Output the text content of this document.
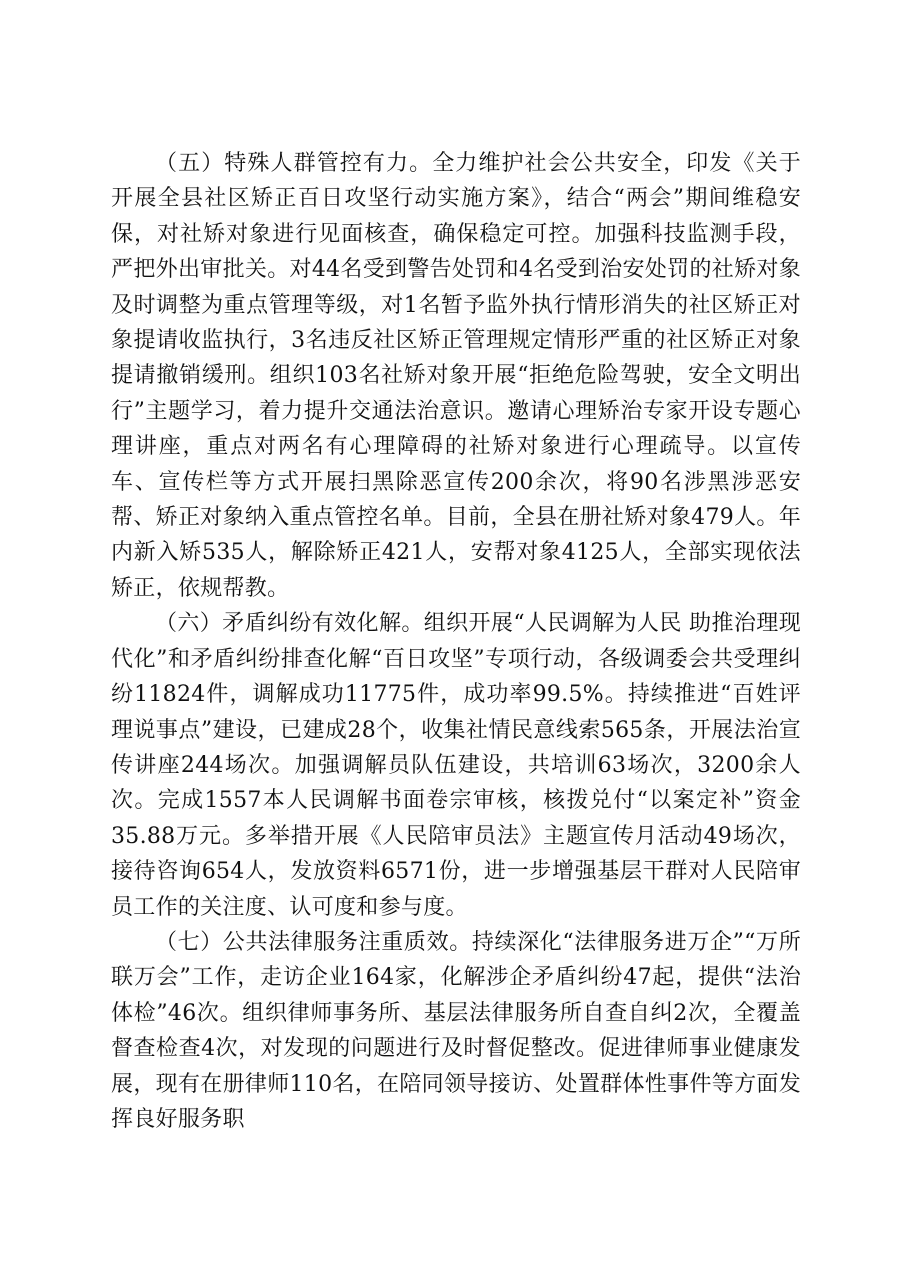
（五）特殊人群管控有力。全力维护社会公共安全，印发《关于开展全县社区矫正百日攻坚行动实施方案》，结合“两会”期间维稳安保，对社矫对象进行见面核查，确保稳定可控。加强科技监测手段，严把外出审批关。对44名受到警告处罚和4名受到治安处罚的社矫对象及时调整为重点管理等级，对1名暂予监外执行情形消失的社区矫正对象提请收监执行，3名违反社区矫正管理规定情形严重的社区矫正对象提请撤销缓刑。组织103名社矫对象开展“拒绝危险驾驶，安全文明出行”主题学习，着力提升交通法治意识。邀请心理矫治专家开设专题心理讲座，重点对两名有心理障碍的社矫对象进行心理疏导。以宣传车、宣传栏等方式开展扫黑除恶宣传200余次，将90名涉黑涉恶安帮、矫正对象纳入重点管控名单。目前，全县在册社矫对象479人。年内新入矫535人，解除矫正421人，安帮对象4125人，全部实现依法矫正，依规帮教。

（六）矛盾纠纷有效化解。组织开展“人民调解为人民 助推治理现代化”和矛盾纠纷排查化解“百日攻坚”专项行动，各级调委会共受理纠纷11824件，调解成功11775件，成功率99.5%。持续推进“百姓评理说事点”建设，已建成28个，收集社情民意线索565条，开展法治宣传讲座244场次。加强调解员队伍建设，共培训63场次，3200余人次。完成1557本人民调解书面卷宗审核，核拨兑付“以案定补”资金35.88万元。多举措开展《人民陪审员法》主题宣传月活动49场次，接待咨询654人，发放资料6571份，进一步增强基层干群对人民陪审员工作的关注度、认可度和参与度。

（七）公共法律服务注重质效。持续深化“法律服务进万企”“万所联万会”工作，走访企业164家，化解涉企矛盾纠纷47起，提供“法治体检”46次。组织律师事务所、基层法律服务所自查自纠2次，全覆盖督查检查4次，对发现的问题进行及时督促整改。促进律师事业健康发展，现有在册律师110名，在陪同领导接访、处置群体性事件等方面发挥良好服务职
